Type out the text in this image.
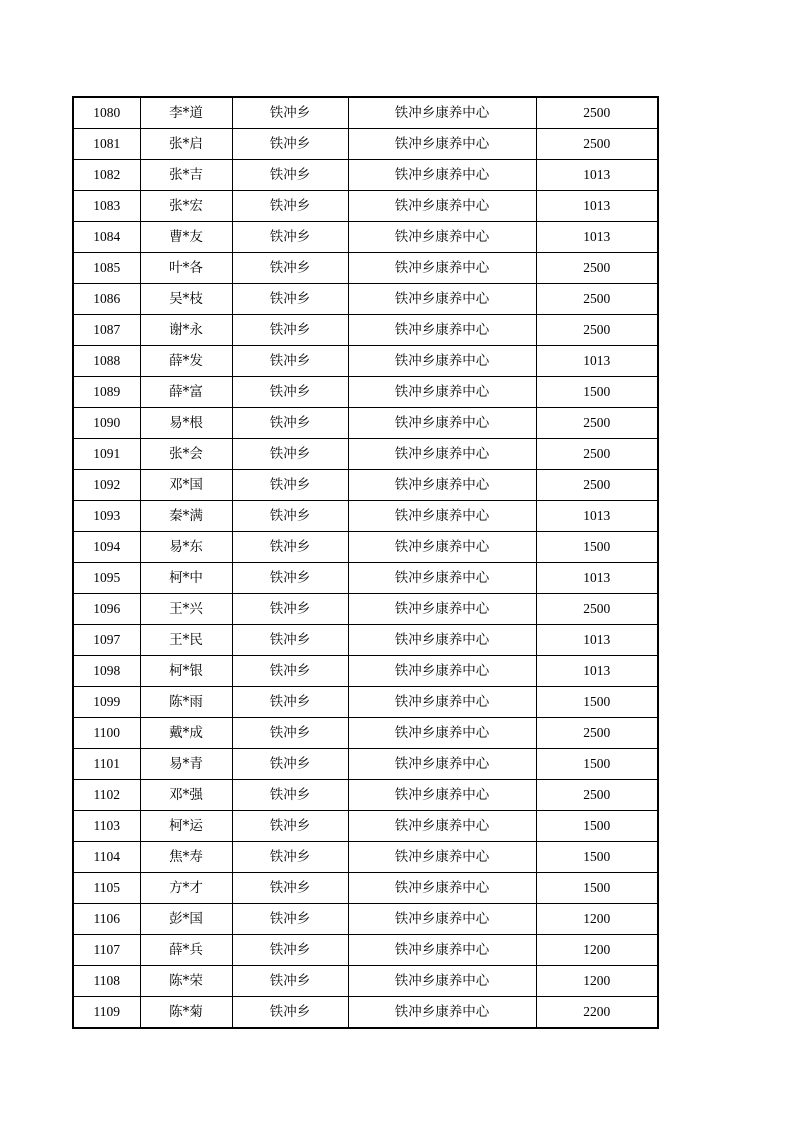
1080	李*道	铁冲乡	铁冲乡康养中心	2500
1081	张*启	铁冲乡	铁冲乡康养中心	2500
1082	张*吉	铁冲乡	铁冲乡康养中心	1013
1083	张*宏	铁冲乡	铁冲乡康养中心	1013
1084	曹*友	铁冲乡	铁冲乡康养中心	1013
1085	叶*各	铁冲乡	铁冲乡康养中心	2500
1086	吴*枝	铁冲乡	铁冲乡康养中心	2500
1087	谢*永	铁冲乡	铁冲乡康养中心	2500
1088	薛*发	铁冲乡	铁冲乡康养中心	1013
1089	薛*富	铁冲乡	铁冲乡康养中心	1500
1090	易*根	铁冲乡	铁冲乡康养中心	2500
1091	张*会	铁冲乡	铁冲乡康养中心	2500
1092	邓*国	铁冲乡	铁冲乡康养中心	2500
1093	秦*满	铁冲乡	铁冲乡康养中心	1013
1094	易*东	铁冲乡	铁冲乡康养中心	1500
1095	柯*中	铁冲乡	铁冲乡康养中心	1013
1096	王*兴	铁冲乡	铁冲乡康养中心	2500
1097	王*民	铁冲乡	铁冲乡康养中心	1013
1098	柯*银	铁冲乡	铁冲乡康养中心	1013
1099	陈*雨	铁冲乡	铁冲乡康养中心	1500
1100	戴*成	铁冲乡	铁冲乡康养中心	2500
1101	易*青	铁冲乡	铁冲乡康养中心	1500
1102	邓*强	铁冲乡	铁冲乡康养中心	2500
1103	柯*运	铁冲乡	铁冲乡康养中心	1500
1104	焦*寿	铁冲乡	铁冲乡康养中心	1500
1105	方*才	铁冲乡	铁冲乡康养中心	1500
1106	彭*国	铁冲乡	铁冲乡康养中心	1200
1107	薛*兵	铁冲乡	铁冲乡康养中心	1200
1108	陈*荣	铁冲乡	铁冲乡康养中心	1200
1109	陈*菊	铁冲乡	铁冲乡康养中心	2200
